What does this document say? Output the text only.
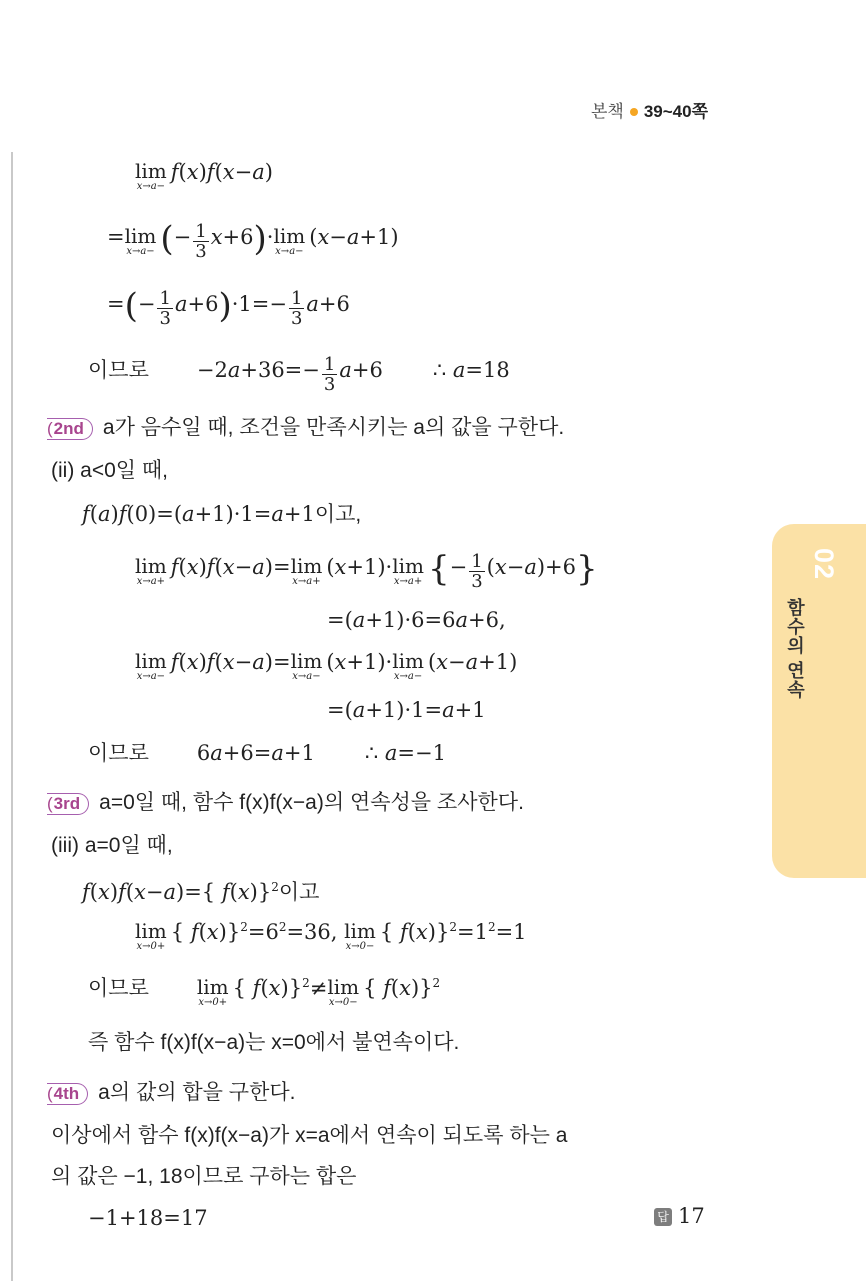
본책 39~40쪽
lim
x→a−
f(x)f(x−a)
= lim
x→a− (− $\frac{1}{3} x+6)\cdot \lim$
x→a−
(x−a+1)
=(− $\frac{1}{3} a+6)\cdot 1=- \frac{1}{3} a+6$
이므로 $-2a+36=- \frac{1}{3} a+6$ ∴ a=18
(2nd a가 음수일 때, 조건을 만족시키는 a의 값을 구한다.
(ii) a<0일 때,
f(a)f(0)=(a+1)·1=a+1이고,
lim
x→a+
f(x)f(x−a)= lim
x→a+
(x+1)· lim
x→a+ {− $\frac{1}{3} (x-a)+6$}
=(a+1)·6=6a+6,
lim
x→a−
f(x)f(x−a)= lim
x→a−
(x+1)· lim
x→a−
(x−a+1)
=(a+1)·1=a+1
이므로 6a+6=a+1 ∴ a=−1
(3rd a=0일 때, 함수 f(x)f(x−a)의 연속성을 조사한다.
(iii) a=0일 때,
f(x)f(x−a)={ f(x)}$^2$이고
lim
x→0+
{ $f(x)\}^2=6^2=36$, lim
x→0−
{ $f(x)\}^2=1^2=1$
이므로 lim
x→0+
{ f(x)}$^2$≠ lim
x→0−
{ f(x)}$^2$
즉 함수 f(x)f(x−a)는 x=0에서 불연속이다.
(4th a의 값의 합을 구한다.
이상에서 함수 f(x)f(x−a)가 x=a에서 연속이 되도록 하는 a
의 값은 −1, 18이므로 구하는 합은
−1+18=17	답 17
02
함수의 연속
